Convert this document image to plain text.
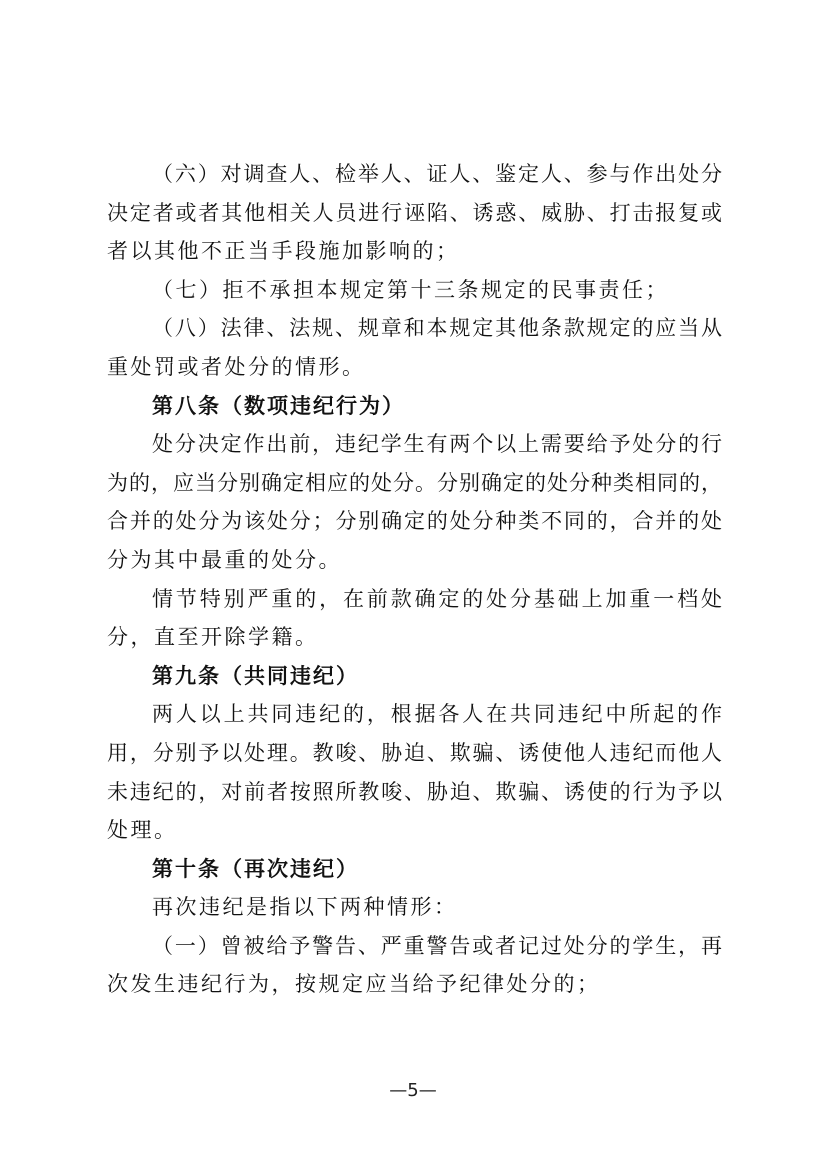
（六）对调查人、检举人、证人、鉴定人、参与作出处分
决定者或者其他相关人员进行诬陷、诱惑、威胁、打击报复或
者以其他不正当手段施加影响的；
（七）拒不承担本规定第十三条规定的民事责任；
（八）法律、法规、规章和本规定其他条款规定的应当从
重处罚或者处分的情形。
第八条（数项违纪行为）
处分决定作出前，违纪学生有两个以上需要给予处分的行
为的，应当分别确定相应的处分。分别确定的处分种类相同的，
合并的处分为该处分；分别确定的处分种类不同的，合并的处
分为其中最重的处分。
情节特别严重的，在前款确定的处分基础上加重一档处
分，直至开除学籍。
第九条（共同违纪）
两人以上共同违纪的，根据各人在共同违纪中所起的作
用，分别予以处理。教唆、胁迫、欺骗、诱使他人违纪而他人
未违纪的，对前者按照所教唆、胁迫、欺骗、诱使的行为予以
处理。
第十条（再次违纪）
再次违纪是指以下两种情形：
（一）曾被给予警告、严重警告或者记过处分的学生，再
次发生违纪行为，按规定应当给予纪律处分的；
—5—
